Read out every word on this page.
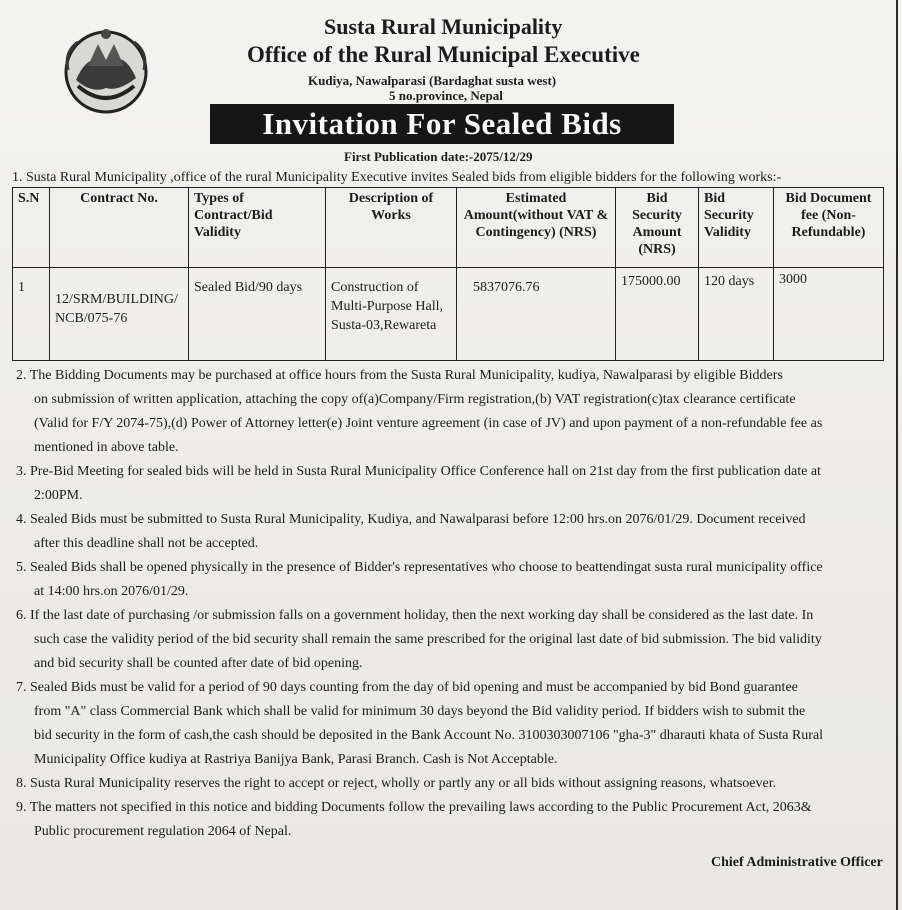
Susta Rural Municipality
Office of the Rural Municipal Executive
Kudiya, Nawalparasi (Bardaghat susta west)
5 no.province, Nepal
Invitation For Sealed Bids
First Publication date:-2075/12/29
1. Susta Rural Municipality ,office of the rural Municipality Executive invites Sealed bids from eligible bidders for the following works:-
S.N	Contract No.	Types of Contract/Bid Validity	Description of Works	Estimated Amount(without VAT & Contingency) (NRS)	Bid Security Amount (NRS)	Bid Security Validity	Bid Document fee (Non-Refundable)
1	12/SRM/BUILDING/ NCB/075-76	Sealed Bid/90 days	Construction of Multi-Purpose Hall, Susta-03,Rewareta	5837076.76	175000.00	120 days	3000
2. The Bidding Documents may be purchased at office hours from the Susta Rural Municipality, kudiya, Nawalparasi by eligible Bidders
on submission of written application, attaching the copy of(a)Company/Firm registration,(b) VAT registration(c)tax clearance certificate
(Valid for F/Y 2074-75),(d) Power of Attorney letter(e) Joint venture agreement (in case of JV) and upon payment of a non-refundable fee as
mentioned in above table.
3. Pre-Bid Meeting for sealed bids will be held in Susta Rural Municipality Office Conference hall on 21st day from the first publication date at
2:00PM.
4. Sealed Bids must be submitted to Susta Rural Municipality, Kudiya, and Nawalparasi before 12:00 hrs.on 2076/01/29. Document received
after this deadline shall not be accepted.
5. Sealed Bids shall be opened physically in the presence of Bidder's representatives who choose to beattendingat susta rural municipality office
at 14:00 hrs.on 2076/01/29.
6. If the last date of purchasing /or submission falls on a government holiday, then the next working day shall be considered as the last date. In
such case the validity period of the bid security shall remain the same prescribed for the original last date of bid submission. The bid validity
and bid security shall be counted after date of bid opening.
7. Sealed Bids must be valid for a period of 90 days counting from the day of bid opening and must be accompanied by bid Bond guarantee
from "A" class Commercial Bank which shall be valid for minimum 30 days beyond the Bid validity period. If bidders wish to submit the
bid security in the form of cash,the cash should be deposited in the Bank Account No. 3100303007106 "gha-3" dharauti khata of Susta Rural
Municipality Office kudiya at Rastriya Banijya Bank, Parasi Branch. Cash is Not Acceptable.
8. Susta Rural Municipality reserves the right to accept or reject, wholly or partly any or all bids without assigning reasons, whatsoever.
9. The matters not specified in this notice and bidding Documents follow the prevailing laws according to the Public Procurement Act, 2063&
Public procurement regulation 2064 of Nepal.
Chief Administrative Officer
